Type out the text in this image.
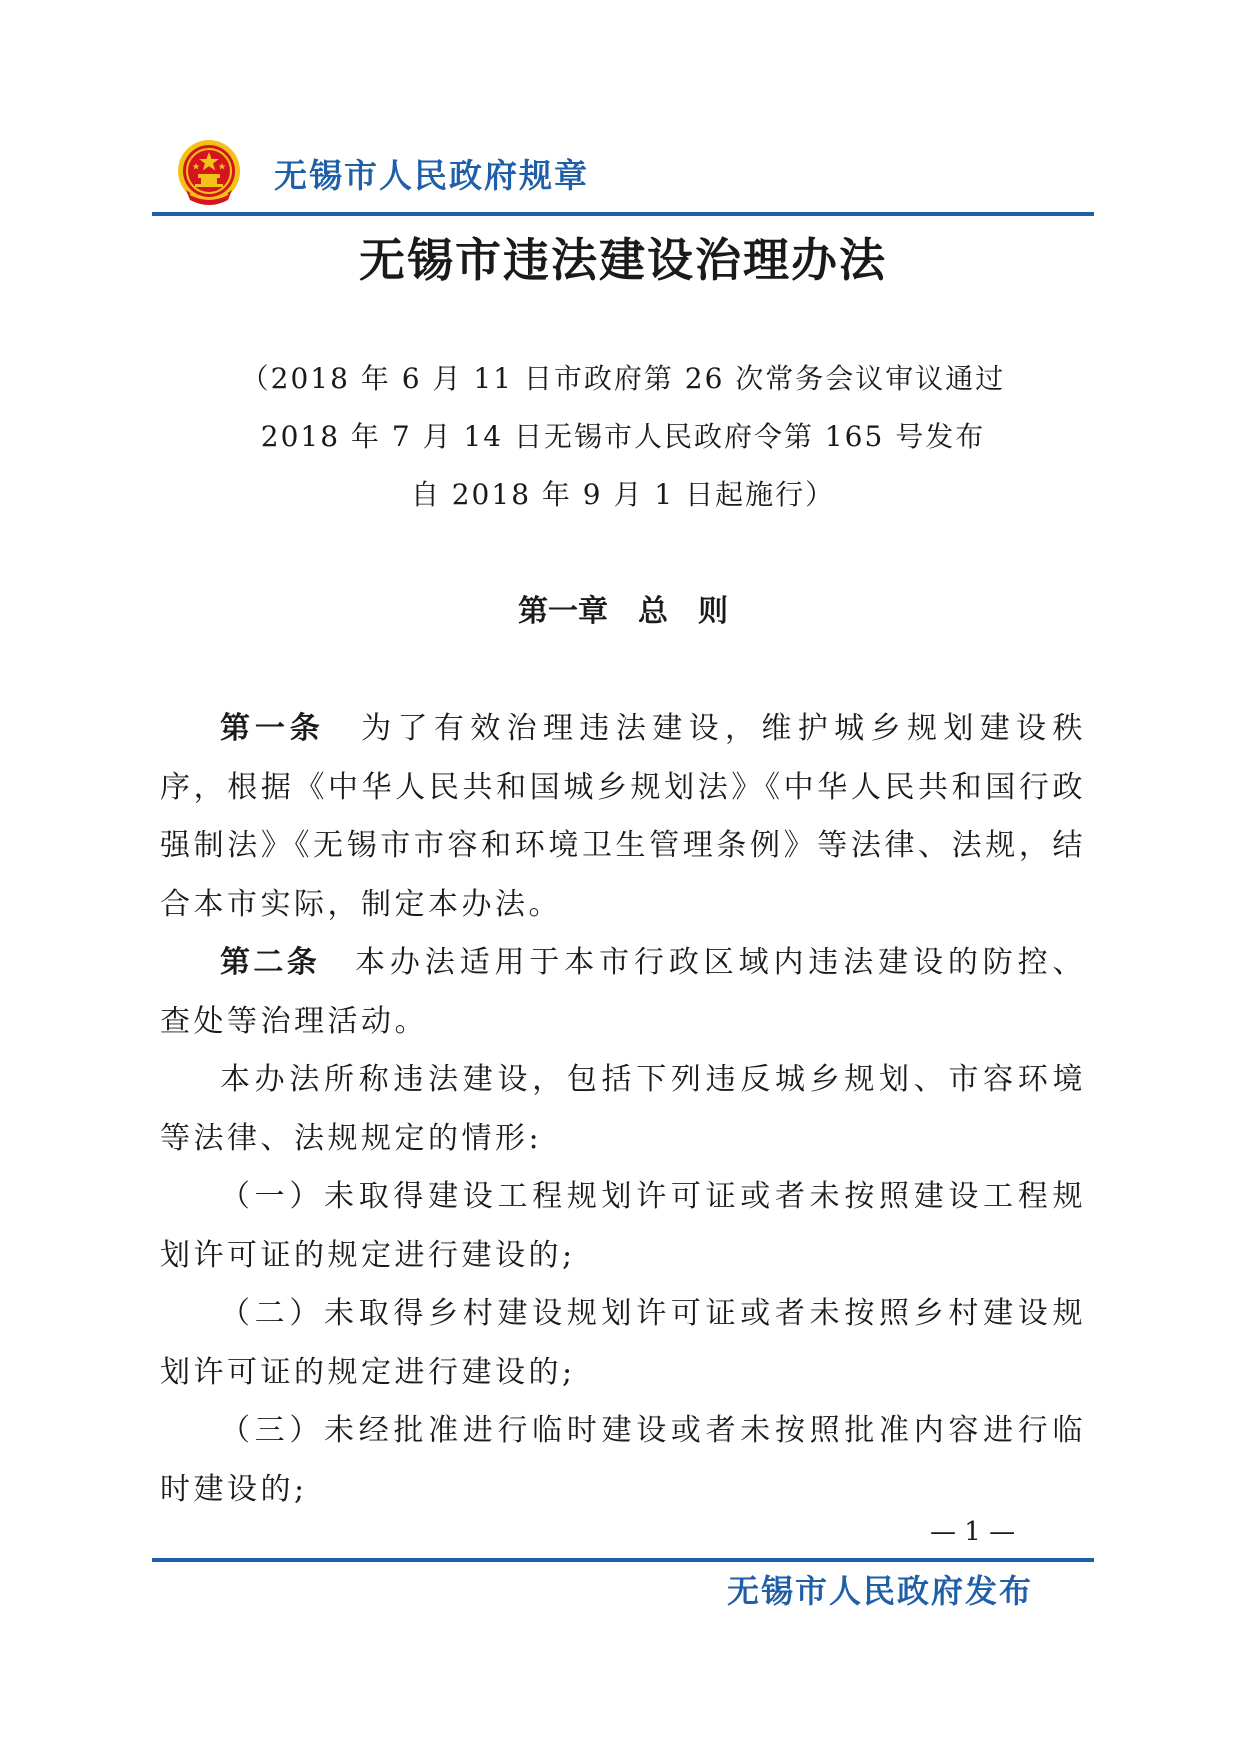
无锡市人民政府规章
无锡市违法建设治理办法
（2018 年 6 月 11 日市政府第 26 次常务会议审议通过
2018 年 7 月 14 日无锡市人民政府令第 165 号发布
自 2018 年 9 月 1 日起施行）
第一章　总　则

第一条　为了有效治理违法建设，维护城乡规划建设秩序，根据《中华人民共和国城乡规划法》《中华人民共和国行政强制法》《无锡市市容和环境卫生管理条例》等法律、法规，结合本市实际，制定本办法。

第二条　本办法适用于本市行政区域内违法建设的防控、查处等治理活动。

本办法所称违法建设，包括下列违反城乡规划、市容环境等法律、法规规定的情形:

（一）未取得建设工程规划许可证或者未按照建设工程规划许可证的规定进行建设的;

（二）未取得乡村建设规划许可证或者未按照乡村建设规划许可证的规定进行建设的;

（三）未经批准进行临时建设或者未按照批准内容进行临时建设的;

— 1 —
无锡市人民政府发布
